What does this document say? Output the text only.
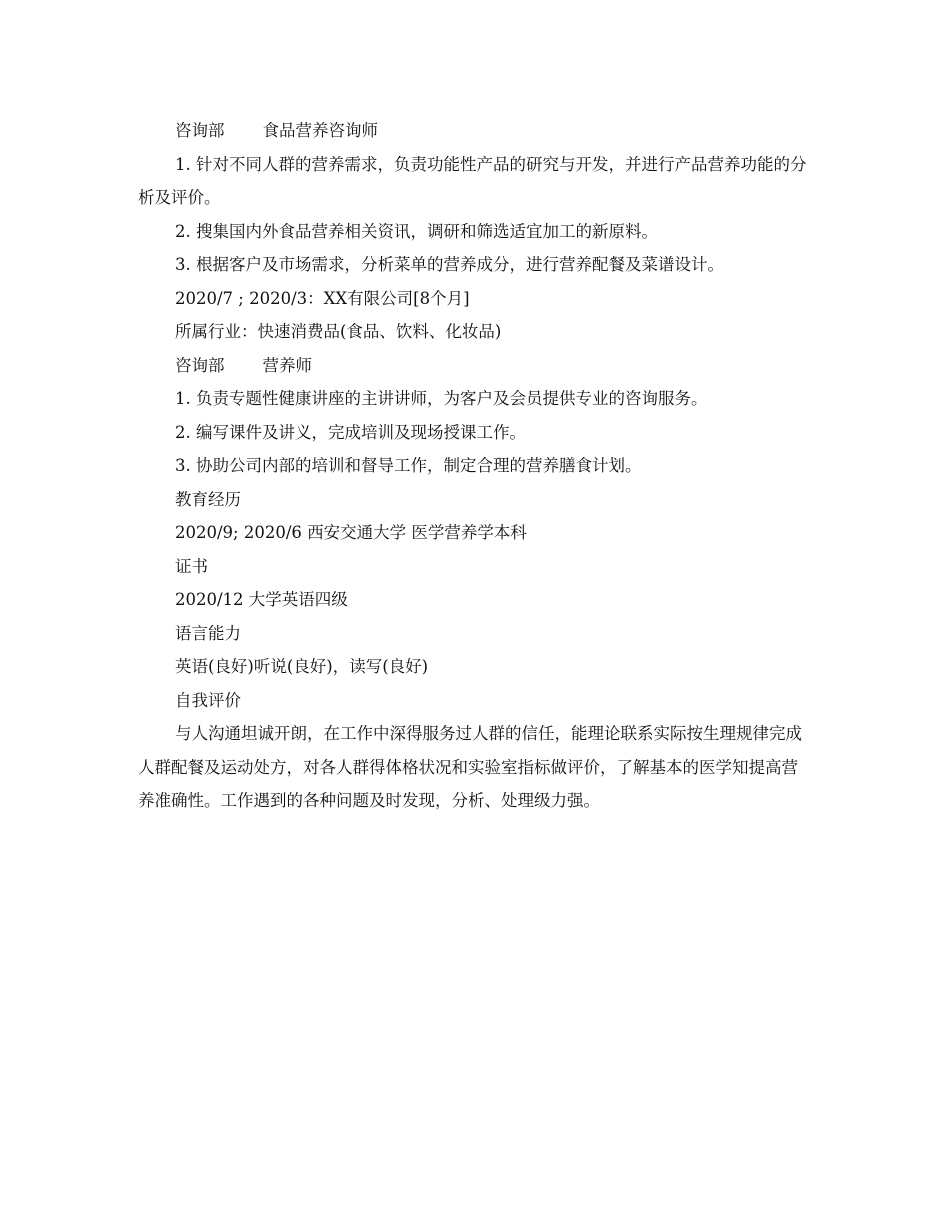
咨询部 食品营养咨询师

1. 针对不同人群的营养需求，负责功能性产品的研究与开发，并进行产品营养功能的分析及评价。

2. 搜集国内外食品营养相关资讯，调研和筛选适宜加工的新原料。

3. 根据客户及市场需求，分析菜单的营养成分，进行营养配餐及菜谱设计。

2020/7 ; 2020/3：XX有限公司[8个月]

所属行业：快速消费品(食品、饮料、化妆品)

咨询部 营养师

1. 负责专题性健康讲座的主讲讲师，为客户及会员提供专业的咨询服务。

2. 编写课件及讲义，完成培训及现场授课工作。

3. 协助公司内部的培训和督导工作，制定合理的营养膳食计划。

教育经历

2020/9; 2020/6 西安交通大学 医学营养学本科

证书

2020/12 大学英语四级

语言能力

英语(良好)听说(良好)，读写(良好)

自我评价

与人沟通坦诚开朗，在工作中深得服务过人群的信任，能理论联系实际按生理规律完成人群配餐及运动处方，对各人群得体格状况和实验室指标做评价，了解基本的医学知提高营养准确性。工作遇到的各种问题及时发现，分析、处理级力强。
